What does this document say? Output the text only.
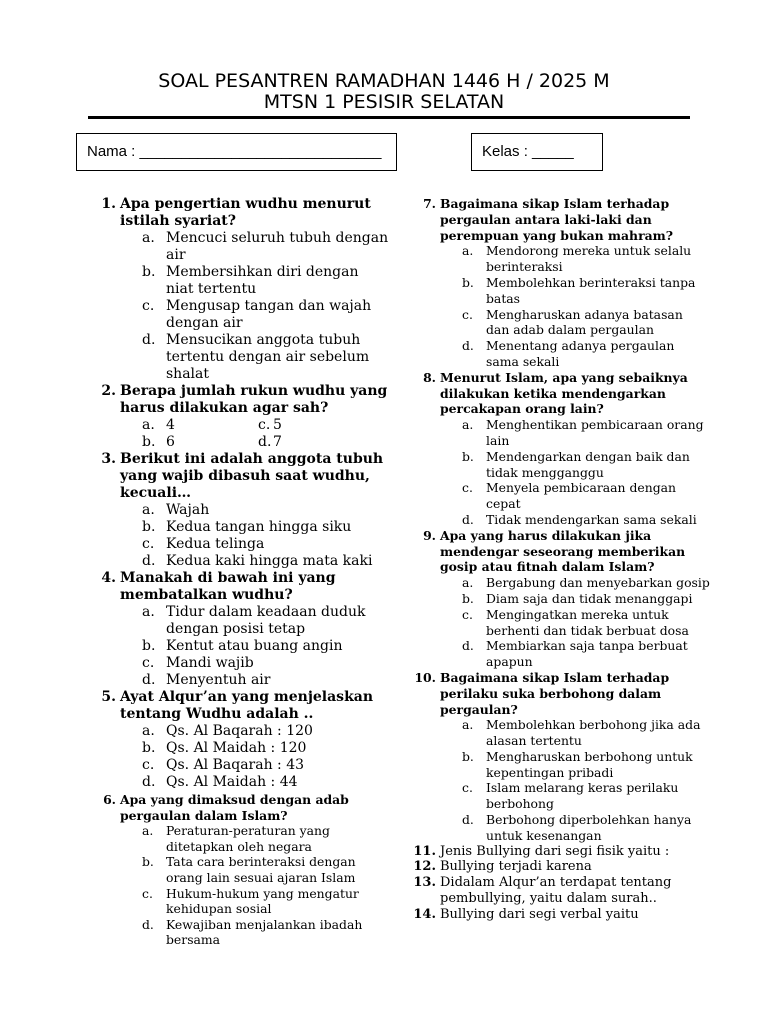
SOAL PESANTREN RAMADHAN 1446 H / 2025 M
MTSN 1 PESISIR SELATAN
Nama : _____________________________	Kelas : _____
1. Apa pengertian wudhu menurut istilah syariat?
a. Mencuci seluruh tubuh dengan air
b. Membersihkan diri dengan niat tertentu
c. Mengusap tangan dan wajah dengan air
d. Mensucikan anggota tubuh tertentu dengan air sebelum shalat
2. Berapa jumlah rukun wudhu yang harus dilakukan agar sah?
a. 4	c. 5
b. 6	d. 7
3. Berikut ini adalah anggota tubuh yang wajib dibasuh saat wudhu, kecuali…
a. Wajah
b. Kedua tangan hingga siku
c. Kedua telinga
d. Kedua kaki hingga mata kaki
4. Manakah di bawah ini yang membatalkan wudhu?
a. Tidur dalam keadaan duduk dengan posisi tetap
b. Kentut atau buang angin
c. Mandi wajib
d. Menyentuh air
5. Ayat Alqur’an yang menjelaskan tentang Wudhu adalah ..
a. Qs. Al Baqarah : 120
b. Qs. Al Maidah : 120
c. Qs. Al Baqarah : 43
d. Qs. Al Maidah : 44
6. Apa yang dimaksud dengan adab pergaulan dalam Islam?
a. Peraturan-peraturan yang ditetapkan oleh negara
b. Tata cara berinteraksi dengan orang lain sesuai ajaran Islam
c. Hukum-hukum yang mengatur kehidupan sosial
d. Kewajiban menjalankan ibadah bersama
7. Bagaimana sikap Islam terhadap pergaulan antara laki-laki dan perempuan yang bukan mahram?
a. Mendorong mereka untuk selalu berinteraksi
b. Membolehkan berinteraksi tanpa batas
c. Mengharuskan adanya batasan dan adab dalam pergaulan
d. Menentang adanya pergaulan sama sekali
8. Menurut Islam, apa yang sebaiknya dilakukan ketika mendengarkan percakapan orang lain?
a. Menghentikan pembicaraan orang lain
b. Mendengarkan dengan baik dan tidak mengganggu
c. Menyela pembicaraan dengan cepat
d. Tidak mendengarkan sama sekali
9. Apa yang harus dilakukan jika mendengar seseorang memberikan gosip atau fitnah dalam Islam?
a. Bergabung dan menyebarkan gosip
b. Diam saja dan tidak menanggapi
c. Mengingatkan mereka untuk berhenti dan tidak berbuat dosa
d. Membiarkan saja tanpa berbuat apapun
10. Bagaimana sikap Islam terhadap perilaku suka berbohong dalam pergaulan?
a. Membolehkan berbohong jika ada alasan tertentu
b. Mengharuskan berbohong untuk kepentingan pribadi
c. Islam melarang keras perilaku berbohong
d. Berbohong diperbolehkan hanya untuk kesenangan
11. Jenis Bullying dari segi fisik yaitu :
12. Bullying terjadi karena
13. Didalam Alqur’an terdapat tentang pembullying, yaitu dalam surah..
14. Bullying dari segi verbal yaitu
